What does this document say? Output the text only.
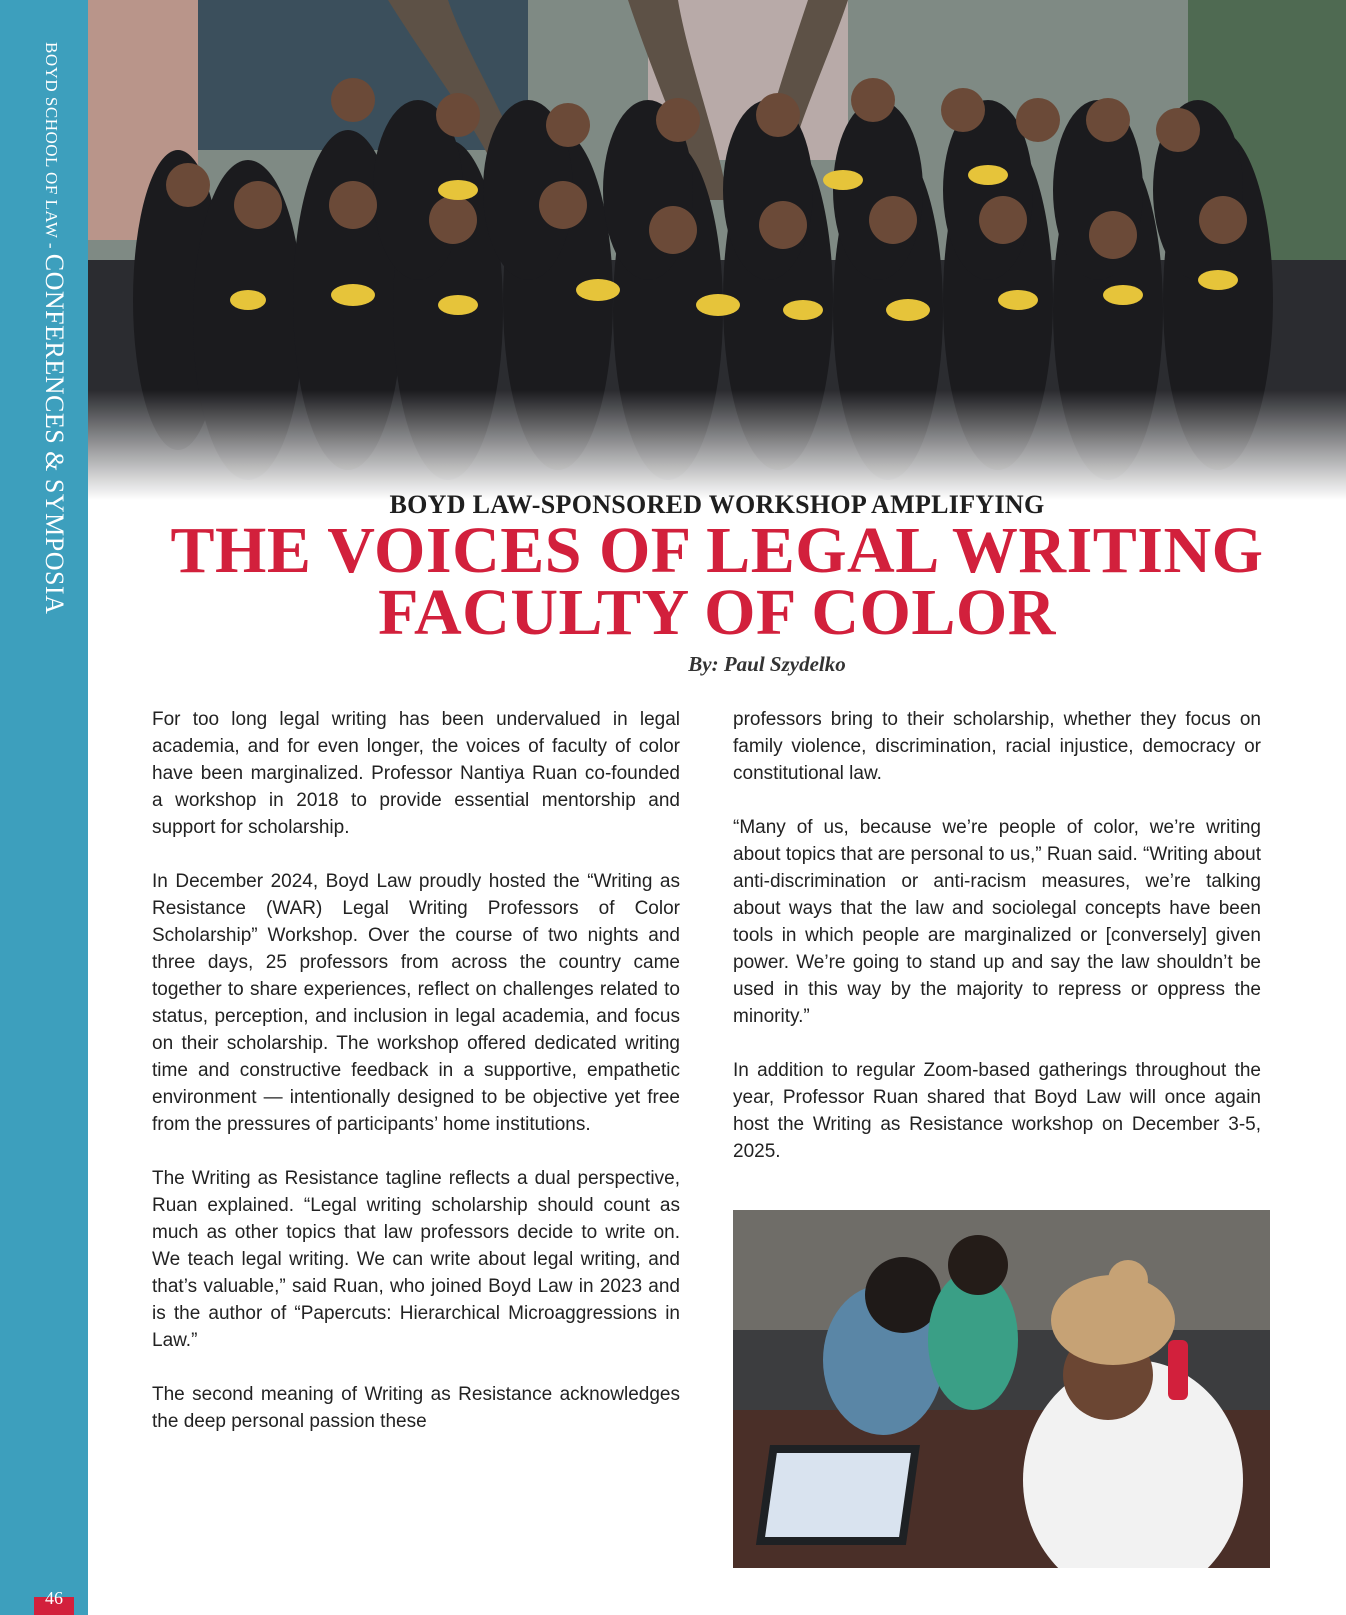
BOYD SCHOOL OF LAW - CONFERENCES & SYMPOSIA
46
BOYD LAW-SPONSORED WORKSHOP AMPLIFYING
THE VOICES OF LEGAL WRITING
FACULTY OF COLOR
By: Paul Szydelko

For too long legal writing has been undervalued in legal academia, and for even longer, the voices of faculty of color have been marginalized. Professor Nantiya Ruan co-founded a workshop in 2018 to provide essential mentorship and support for scholarship.

In December 2024, Boyd Law proudly hosted the “Writing as Resistance (WAR) Legal Writing Professors of Color Scholarship” Workshop. Over the course of two nights and three days, 25 professors from across the country came together to share experiences, reflect on challenges related to status, perception, and inclusion in legal academia, and focus on their scholarship. The workshop offered dedicated writing time and constructive feedback in a supportive, empathetic environment — intentionally designed to be objective yet free from the pressures of participants’ home institutions.

The Writing as Resistance tagline reflects a dual perspective, Ruan explained. “Legal writing scholarship should count as much as other topics that law professors decide to write on. We teach legal writing. We can write about legal writing, and that’s valuable,” said Ruan, who joined Boyd Law in 2023 and is the author of “Papercuts: Hierarchical Microaggressions in Law.”

The second meaning of Writing as Resistance acknowledges the deep personal passion these

professors bring to their scholarship, whether they focus on family violence, discrimination, racial injustice, democracy or constitutional law.

“Many of us, because we’re people of color, we’re writing about topics that are personal to us,” Ruan said. “Writing about anti-discrimination or anti-racism measures, we’re talking about ways that the law and sociolegal concepts have been tools in which people are marginalized or [conversely] given power. We’re going to stand up and say the law shouldn’t be used in this way by the majority to repress or oppress the minority.”

In addition to regular Zoom-based gatherings throughout the year, Professor Ruan shared that Boyd Law will once again host the Writing as Resistance workshop on December 3-5, 2025.
